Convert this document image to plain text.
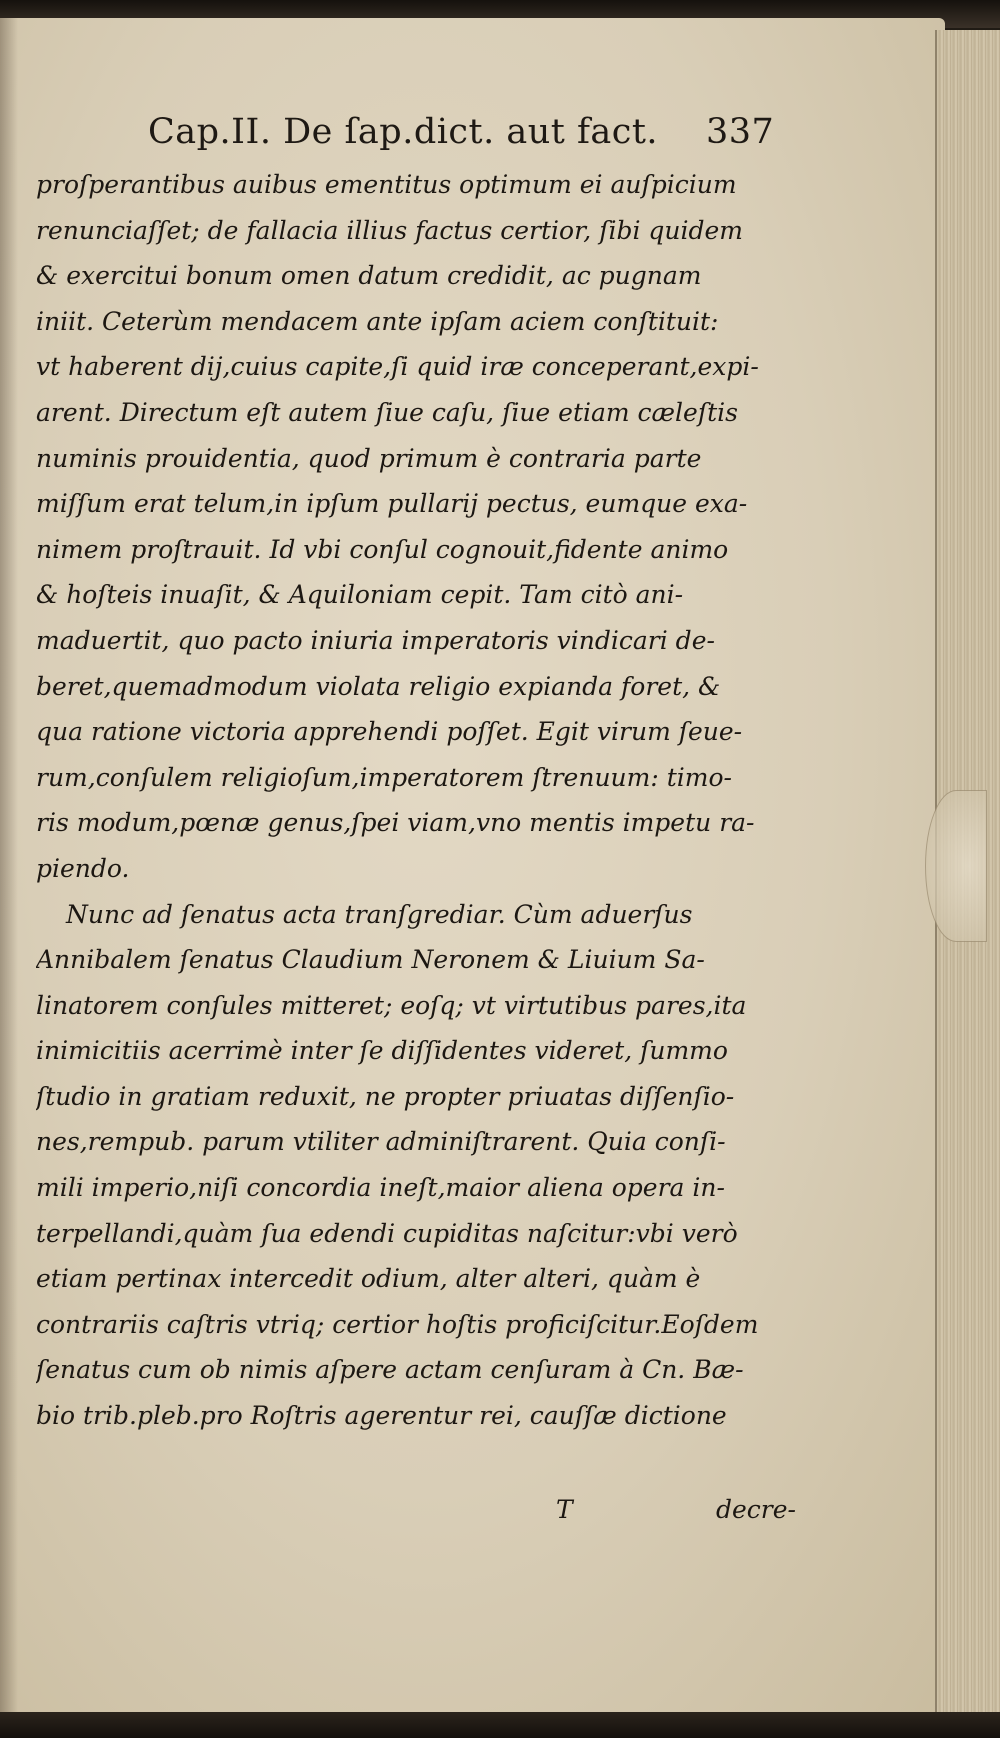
Cap.II. De ſap.dict. aut fact. 337
proſperantibus auibus ementitus optimum ei auſpicium
renunciaſſet; de fallacia illius factus certior, ſibi quidem
& exercitui bonum omen datum credidit, ac pugnam
iniit. Ceterùm mendacem ante ipſam aciem conſtituit:
vt haberent dij,cuius capite,ſi quid iræ conceperant,expi-
arent. Directum eſt autem ſiue caſu, ſiue etiam cæleſtis
numinis prouidentia, quod primum è contraria parte
miſſum erat telum,in ipſum pullarij pectus, eumque exa-
nimem proſtrauit. Id vbi conſul cognouit,fidente animo
& hoſteis inuaſit, & Aquiloniam cepit. Tam citò ani-
maduertit, quo pacto iniuria imperatoris vindicari de-
beret,quemadmodum violata religio expianda foret, &
qua ratione victoria apprehendi poſſet. Egit virum ſeue-
rum,conſulem religioſum,imperatorem ſtrenuum: timo-
ris modum,pœnæ genus,ſpei viam,vno mentis impetu ra-
piendo.
Nunc ad ſenatus acta tranſgrediar. Cùm aduerſus
Annibalem ſenatus Claudium Neronem & Liuium Sa-
linatorem conſules mitteret; eoſq; vt virtutibus pares,ita
inimicitiis acerrimè inter ſe diſſidentes videret, ſummo
ſtudio in gratiam reduxit, ne propter priuatas diſſenſio-
nes,rempub. parum vtiliter adminiſtrarent. Quia conſi-
mili imperio,niſi concordia ineſt,maior aliena opera in-
terpellandi,quàm ſua edendi cupiditas naſcitur:vbi verò
etiam pertinax intercedit odium, alter alteri, quàm è
contrariis caſtris vtriq; certior hoſtis proficiſcitur.Eoſdem
ſenatus cum ob nimis aſpere actam cenſuram à Cn. Bæ-
bio trib.pleb.pro Roſtris agerentur rei, cauſſæ dictione
T	decre-
